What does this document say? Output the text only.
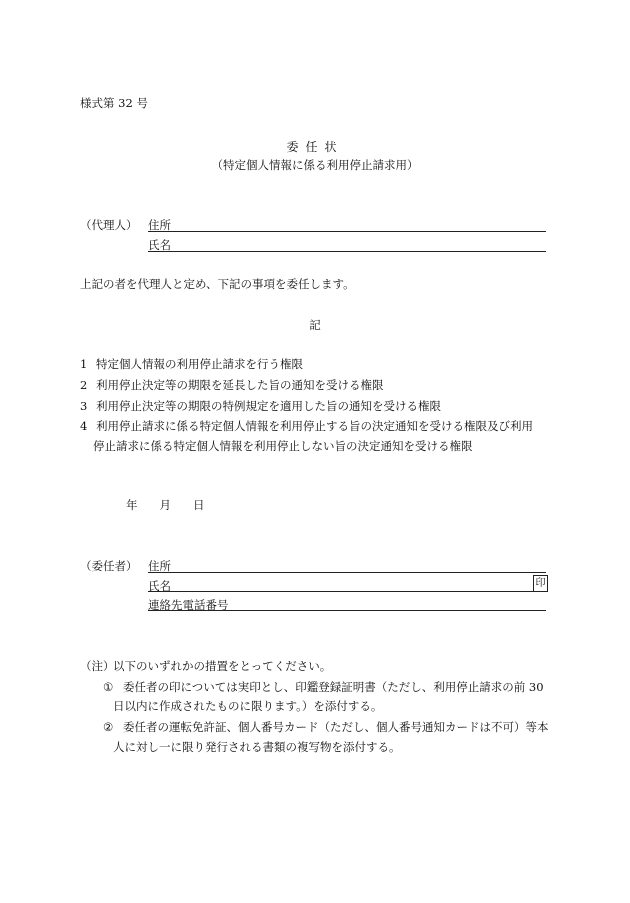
様式第 32 号
委任状
（特定個人情報に係る利用停止請求用）
（代理人） 住所
氏名
上記の者を代理人と定め、下記の事項を委任します。
記
1 特定個人情報の利用停止請求を行う権限
2 利用停止決定等の期限を延長した旨の通知を受ける権限
3 利用停止決定等の期限の特例規定を適用した旨の通知を受ける権限
4 利用停止請求に係る特定個人情報を利用停止する旨の決定通知を受ける権限及び利用
停止請求に係る特定個人情報を利用停止しない旨の決定通知を受ける権限
年 月 日
（委任者） 住所
氏名	印
連絡先電話番号
（注）
以下のいずれかの措置をとってください。
① 委任者の印については実印とし、印鑑登録証明書（ただし、利用停止請求の前 30
日以内に作成されたものに限ります。）を添付する。
② 委任者の運転免許証、個人番号カード（ただし、個人番号通知カードは不可）等本
人に対し一に限り発行される書類の複写物を添付する。
